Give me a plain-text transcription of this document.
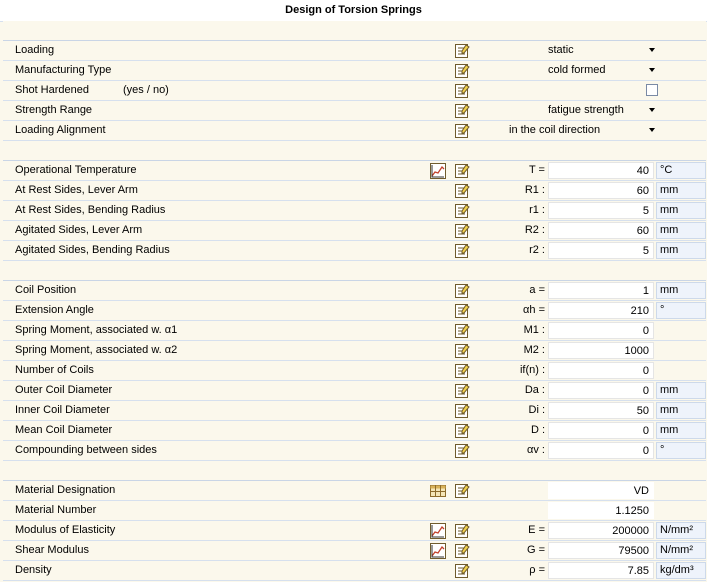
Design of Torsion Springs
Loading	static
Manufacturing Type	cold formed
Shot Hardened	(yes / no)
Strength Range	fatigue strength
Loading Alignment	in the coil direction
Operational Temperature	T =	40	°C
At Rest Sides, Lever Arm	R1 :	60	mm
At Rest Sides, Bending Radius	r1 :	5	mm
Agitated Sides, Lever Arm	R2 :	60	mm
Agitated Sides, Bending Radius	r2 :	5	mm
Coil Position	a =	1	mm
Extension Angle	αh =	210	°
Spring Moment, associated w. α1	M1 :	0
Spring Moment, associated w. α2	M2 :	1000
Number of Coils	if(n) :	0
Outer Coil Diameter	Da :	0	mm
Inner Coil Diameter	Di :	50	mm
Mean Coil Diameter	D :	0	mm
Compounding between sides	αv :	0	°
Material Designation	VD
Material Number	1.1250
Modulus of Elasticity	E =	200000	N/mm²
Shear Modulus	G =	79500	N/mm²
Density	ρ =	7.85	kg/dm³
